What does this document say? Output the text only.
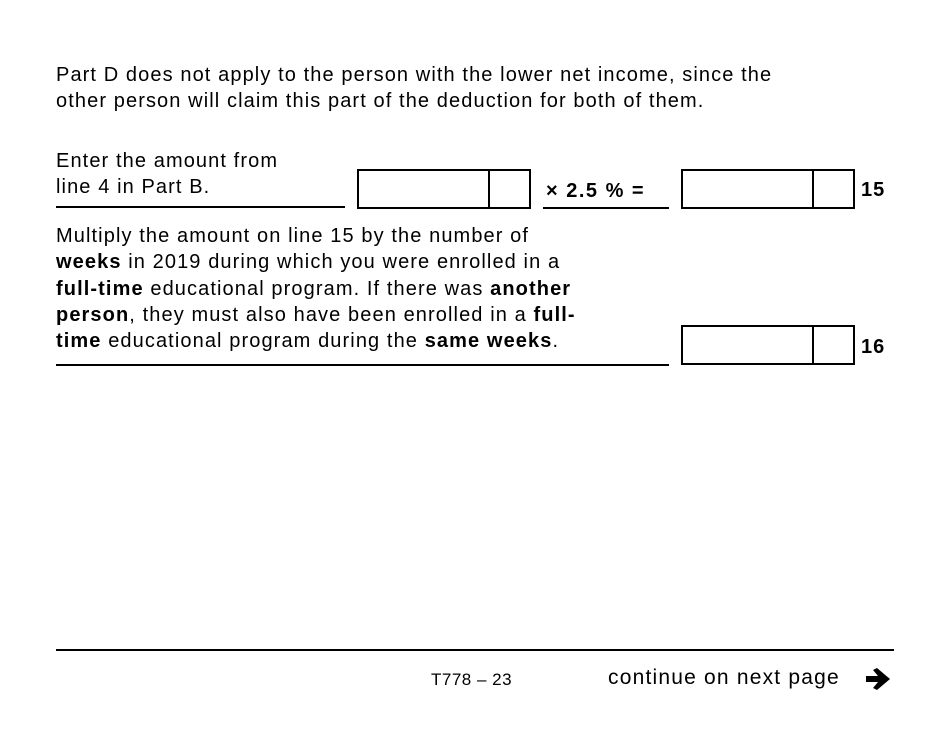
Part D does not apply to the person with the lower net income, since the
other person will claim this part of the deduction for both of them.
Enter the amount from
line 4 in Part B.	× 2.5 % =	15
Multiply the amount on line 15 by the number of
weeks in 2019 during which you were enrolled in a
full-time educational program. If there was another
person, they must also have been enrolled in a full-
time educational program during the same weeks.	16
T778 – 23	continue on next page
